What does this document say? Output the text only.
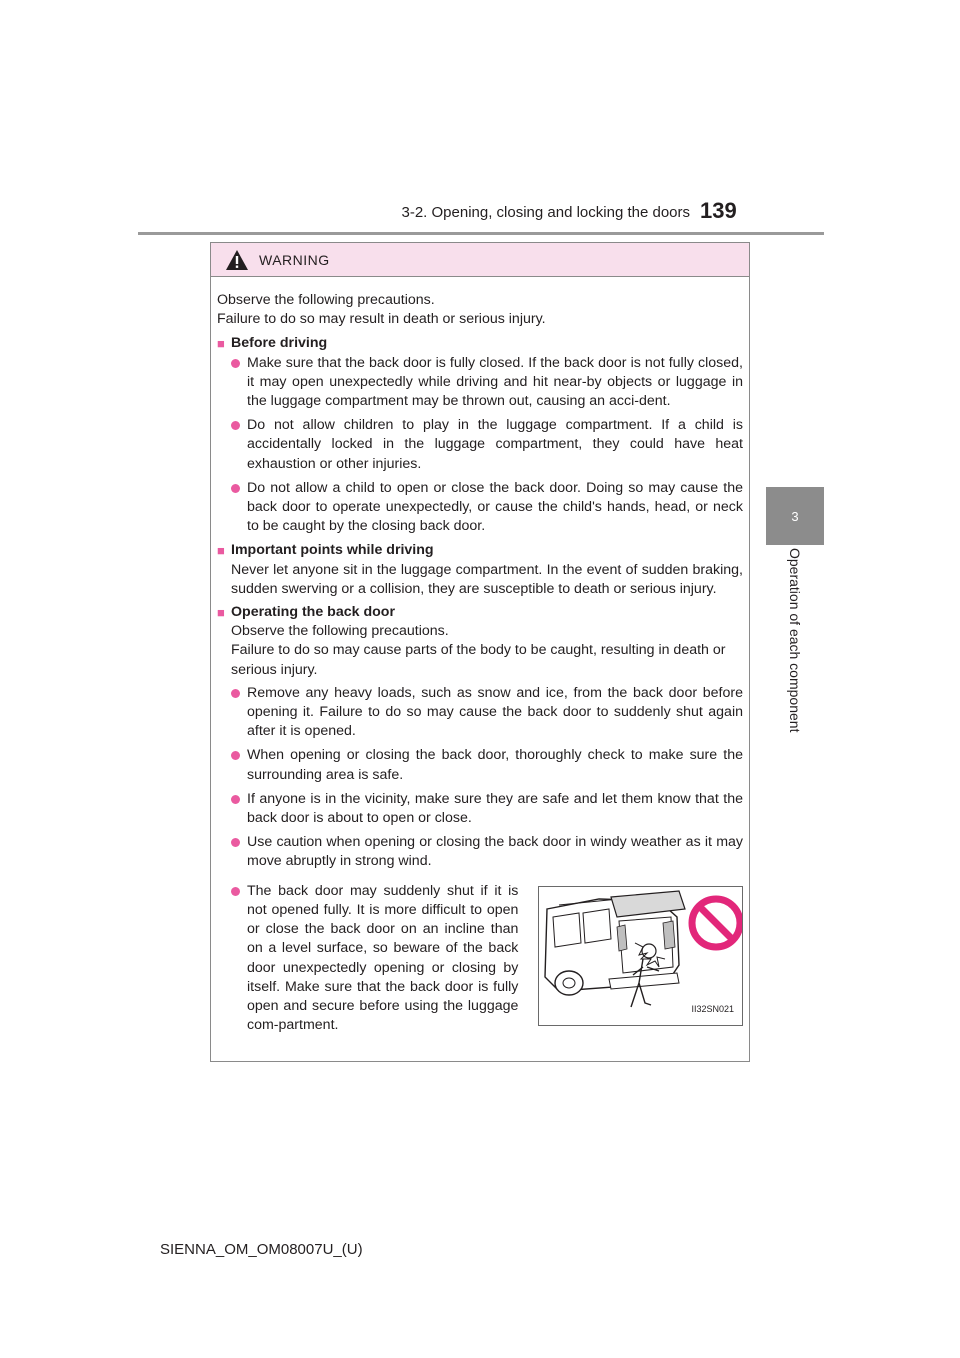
3-2. Opening, closing and locking the doors 139
3
Operation of each component
WARNING

Observe the following precautions.

Failure to do so may result in death or serious injury.

■ Before driving
Make sure that the back door is fully closed. If the back door is not fully closed, it may open unexpectedly while driving and hit near-by objects or luggage in the luggage compartment may be thrown out, causing an acci-dent.
Do not allow children to play in the luggage compartment. If a child is accidentally locked in the luggage compartment, they could have heat exhaustion or other injuries.
Do not allow a child to open or close the back door. Doing so may cause the back door to operate unexpectedly, or cause the child's hands, head, or neck to be caught by the closing back door.
■ Important points while driving
Never let anyone sit in the luggage compartment. In the event of sudden braking, sudden swerving or a collision, they are susceptible to death or serious injury.
■ Operating the back door
Observe the following precautions.
Failure to do so may cause parts of the body to be caught, resulting in death or serious injury.
Remove any heavy loads, such as snow and ice, from the back door before opening it. Failure to do so may cause the back door to suddenly shut again after it is opened.
When opening or closing the back door, thoroughly check to make sure the surrounding area is safe.
If anyone is in the vicinity, make sure they are safe and let them know that the back door is about to open or close.
Use caution when opening or closing the back door in windy weather as it may move abruptly in strong wind.
The back door may suddenly shut if it is not opened fully. It is more difficult to open or close the back door on an incline than on a level surface, so beware of the back door unexpectedly opening or closing by itself. Make sure that the back door is fully open and secure before using the luggage com-partment.
II32SN021
SIENNA_OM_OM08007U_(U)
